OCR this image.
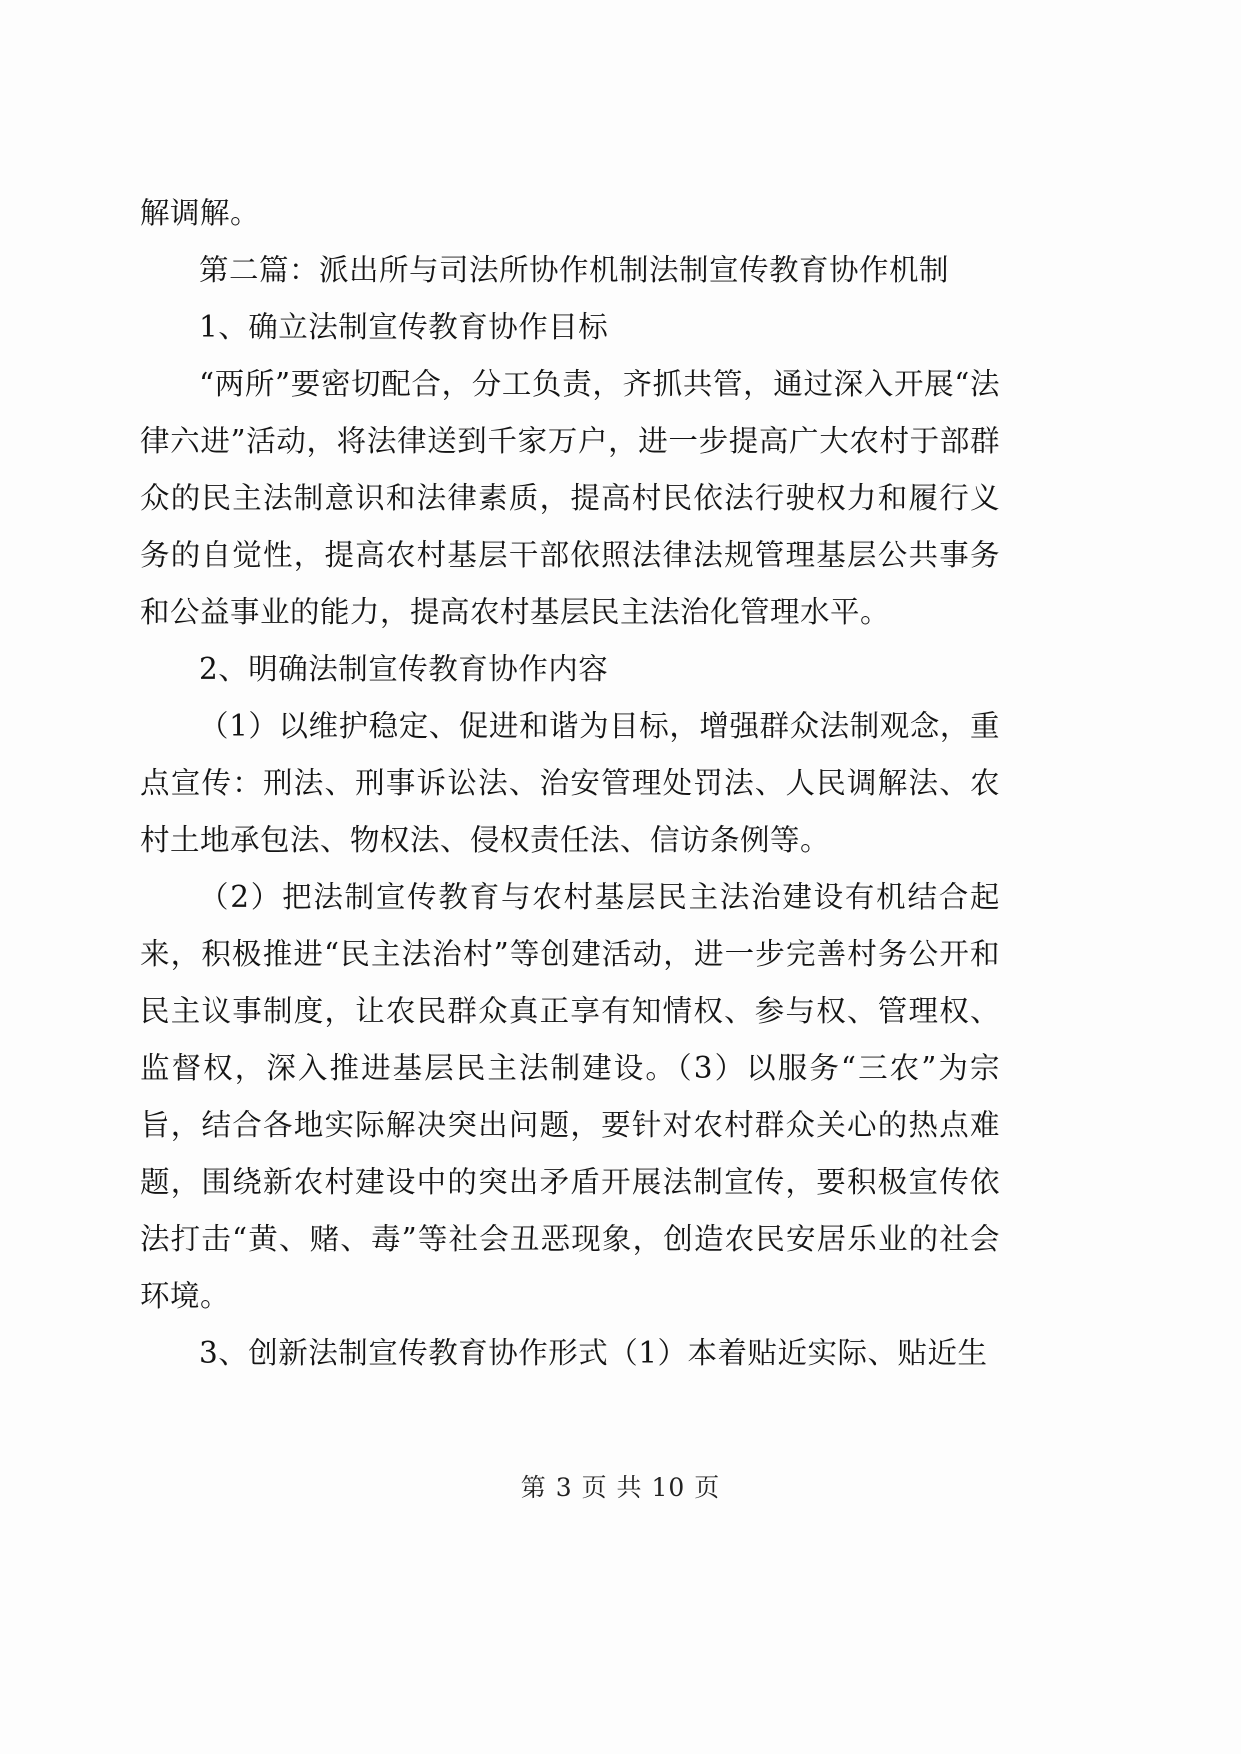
解调解。

第二篇：派出所与司法所协作机制法制宣传教育协作机制

1、确立法制宣传教育协作目标

“两所”要密切配合，分工负责，齐抓共管，通过深入开展“法律六进”活动，将法律送到千家万户，进一步提高广大农村于部群众的民主法制意识和法律素质，提高村民依法行驶权力和履行义务的自觉性，提高农村基层干部依照法律法规管理基层公共事务和公益事业的能力，提高农村基层民主法治化管理水平。

2、明确法制宣传教育协作内容

（1）以维护稳定、促进和谐为目标，增强群众法制观念，重点宣传：刑法、刑事诉讼法、治安管理处罚法、人民调解法、农村土地承包法、物权法、侵权责任法、信访条例等。

（2）把法制宣传教育与农村基层民主法治建设有机结合起来，积极推进“民主法治村”等创建活动，进一步完善村务公开和民主议事制度，让农民群众真正享有知情权、参与权、管理权、监督权，深入推进基层民主法制建设。（3）以服务“三农”为宗旨，结合各地实际解决突出问题，要针对农村群众关心的热点难题，围绕新农村建设中的突出矛盾开展法制宣传，要积极宣传依法打击“黄、赌、毒”等社会丑恶现象，创造农民安居乐业的社会环境。

3、创新法制宣传教育协作形式（1）本着贴近实际、贴近生

第 3 页 共 10 页
